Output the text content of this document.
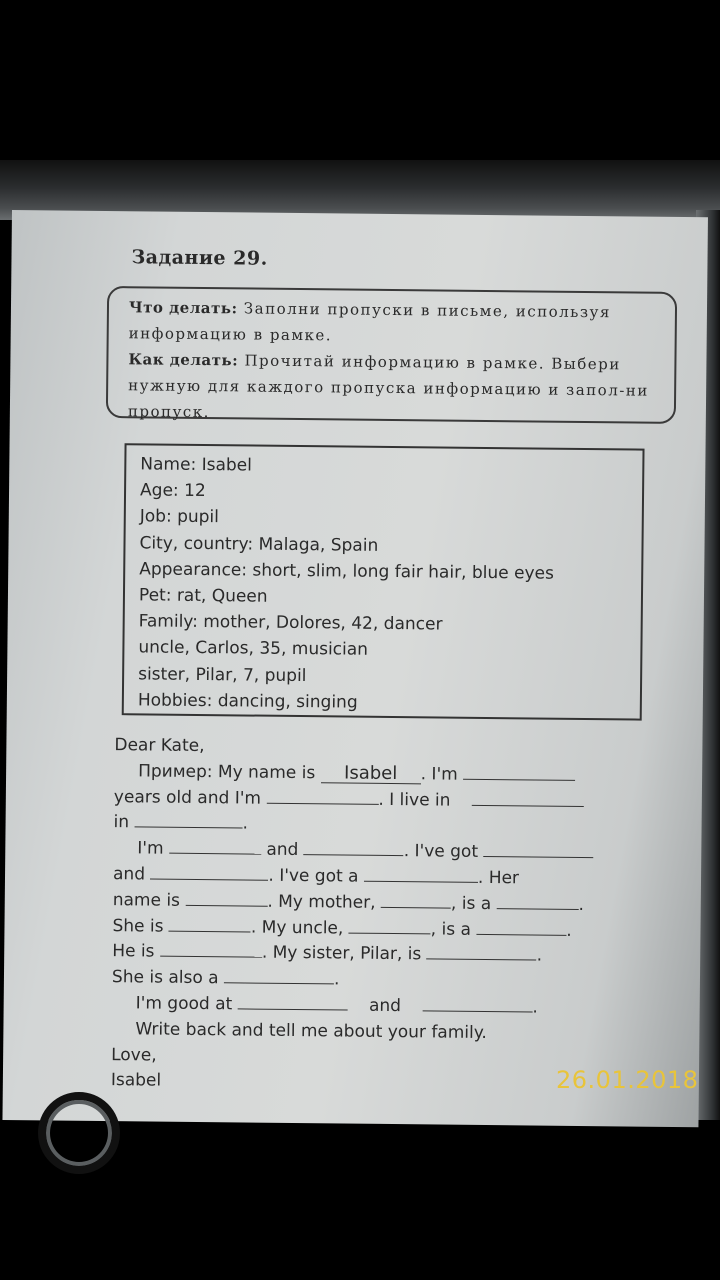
Задание 29.
Что делать: Заполни пропуски в письме, используя информацию в рамке.
Как делать: Прочитай информацию в рамке. Выбери нужную для каждого пропуска информацию и запол-ни пропуск.
Name: Isabel
Age: 12
Job: pupil
City, country: Malaga, Spain
Appearance: short, slim, long fair hair, blue eyes
Pet: rat, Queen
Family: mother, Dolores, 42, dancer
uncle, Carlos, 35, musician
sister, Pilar, 7, pupil
Hobbies: dancing, singing
Dear Kate,
Пример: My name is Isabel . I'm
years old and I'm	. I live in
in	.
I'm	and	. I've got
and	. I've got a	. Her
name is	. My mother,	, is a	.
She is	. My uncle,	, is a	.
He is	. My sister, Pilar, is	.
She is also a	.
I'm good at	and	.
Write back and tell me about your family.
Love,
Isabel	26.01.2018
